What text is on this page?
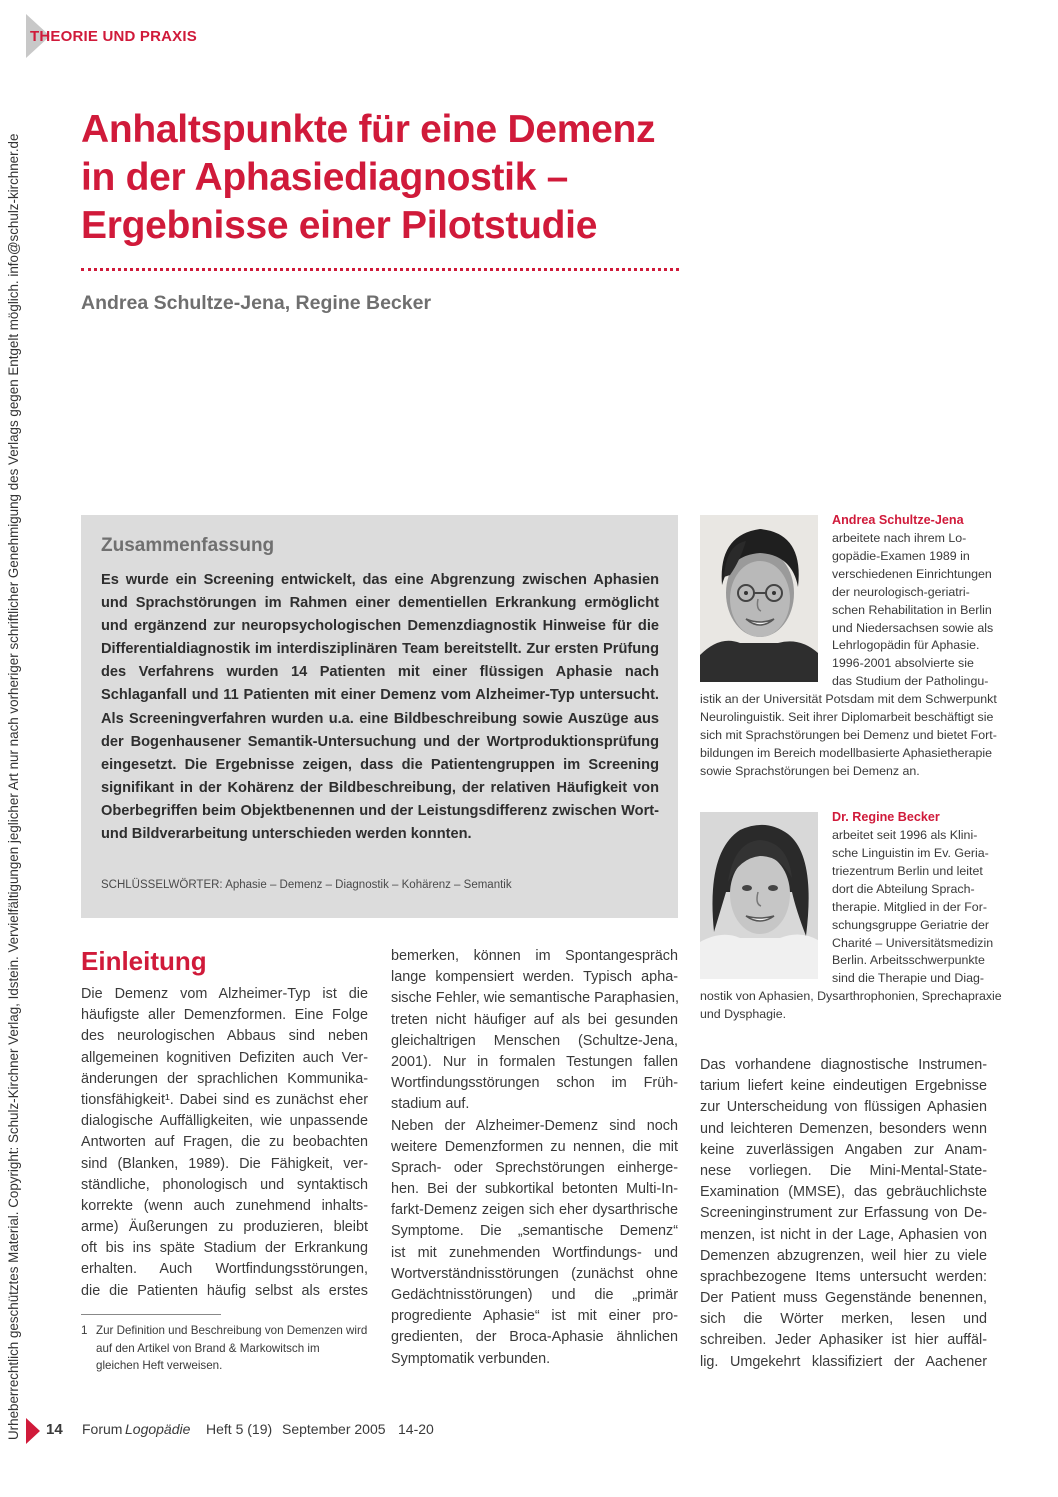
THEORIE UND PRAXIS
Urheberrechtlich geschütztes Material. Copyright: Schulz-Kirchner Verlag, Idstein. Vervielfältigungen jeglicher Art nur nach vorheriger schriftlicher Genehmigung des Verlags gegen Entgelt möglich. info@schulz-kirchner.de
Anhaltspunkte für eine Demenz
in der Aphasiediagnostik –
Ergebnisse einer Pilotstudie
Andrea Schultze-Jena, Regine Becker
Zusammenfassung
Es wurde ein Screening entwickelt, das eine Abgrenzung zwischen Aphasien und Sprachstörungen im Rahmen einer dementiellen Erkrankung ermöglicht und ergänzend zur neuropsychologischen Demenzdiagnostik Hinweise für die Differentialdiagnostik im interdisziplinären Team bereitstellt. Zur ersten Prüfung des Verfahrens wurden 14 Patienten mit einer flüssigen Aphasie nach Schlaganfall und 11 Patienten mit einer Demenz vom Alzheimer-Typ untersucht. Als Screeningverfahren wurden u.a. eine Bildbeschreibung sowie Auszüge aus der Bogenhausener Semantik-Untersuchung und der Wortproduktionsprüfung eingesetzt. Die Ergebnisse zeigen, dass die Patientengruppen im Screening signifikant in der Kohärenz der Bildbeschreibung, der relativen Häufigkeit von Oberbegriffen beim Objektbenennen und der Leistungsdifferenz zwischen Wort- und Bildverarbeitung unterschieden werden konnten.
SCHLÜSSELWÖRTER: Aphasie – Demenz – Diagnostik – Kohärenz – Semantik
Andrea Schultze-Jena
arbeitete nach ihrem Lo-
gopädie-Examen 1989 in
verschiedenen Einrichtungen
der neurologisch-geriatri-
schen Rehabilitation in Berlin
und Niedersachsen sowie als
Lehrlogopädin für Aphasie.
1996-2001 absolvierte sie
das Studium der Patholingu-
istik an der Universität Potsdam mit dem Schwerpunkt
Neurolinguistik. Seit ihrer Diplomarbeit beschäftigt sie
sich mit Sprachstörungen bei Demenz und bietet Fort-
bildungen im Bereich modellbasierte Aphasietherapie
sowie Sprachstörungen bei Demenz an.
Dr. Regine Becker
arbeitet seit 1996 als Klini-
sche Linguistin im Ev. Geria-
triezentrum Berlin und leitet
dort die Abteilung Sprach-
therapie. Mitglied in der For-
schungsgruppe Geriatrie der
Charité – Universitätsmedizin
Berlin. Arbeitsschwerpunkte
sind die Therapie und Diag-
nostik von Aphasien, Dysarthrophonien, Sprechapraxie
und Dysphagie.
Einleitung
Die Demenz vom Alzheimer-Typ ist die
häufigste aller Demenzformen. Eine Folge
des neurologischen Abbaus sind neben
allgemeinen kognitiven Defiziten auch Ver-
änderungen der sprachlichen Kommunika-
tionsfähigkeit¹. Dabei sind es zunächst eher
dialogische Auffälligkeiten, wie unpassende
Antworten auf Fragen, die zu beobachten
sind (Blanken, 1989). Die Fähigkeit, ver-
ständliche, phonologisch und syntaktisch
korrekte (wenn auch zunehmend inhalts-
arme) Äußerungen zu produzieren, bleibt
oft bis ins späte Stadium der Erkrankung
erhalten. Auch Wortfindungsstörungen,
die die Patienten häufig selbst als erstes
1 Zur Definition und Beschreibung von Demenzen wird
auf den Artikel von Brand & Markowitsch im
gleichen Heft verweisen.
bemerken, können im Spontangespräch
lange kompensiert werden. Typisch apha-
sische Fehler, wie semantische Paraphasien,
treten nicht häufiger auf als bei gesunden
gleichaltrigen Menschen (Schultze-Jena,
2001). Nur in formalen Testungen fallen
Wortfindungsstörungen schon im Früh-
stadium auf.
Neben der Alzheimer-Demenz sind noch
weitere Demenzformen zu nennen, die mit
Sprach- oder Sprechstörungen einherge-
hen. Bei der subkortikal betonten Multi-In-
farkt-Demenz zeigen sich eher dysarthrische
Symptome. Die „semantische Demenz“
ist mit zunehmenden Wortfindungs- und
Wortverständnisstörungen (zunächst ohne
Gedächtnisstörungen) und die „primär
progrediente Aphasie“ ist mit einer pro-
gredienten, der Broca-Aphasie ähnlichen
Symptomatik verbunden.
Das vorhandene diagnostische Instrumen-
tarium liefert keine eindeutigen Ergebnisse
zur Unterscheidung von flüssigen Aphasien
und leichteren Demenzen, besonders wenn
keine zuverlässigen Angaben zur Anam-
nese vorliegen. Die Mini-Mental-State-
Examination (MMSE), das gebräuchlichste
Screeninginstrument zur Erfassung von De-
menzen, ist nicht in der Lage, Aphasien von
Demenzen abzugrenzen, weil hier zu viele
sprachbezogene Items untersucht werden:
Der Patient muss Gegenstände benennen,
sich die Wörter merken, lesen und
schreiben. Jeder Aphasiker ist hier auffäl-
lig. Umgekehrt klassifiziert der Aachener
14 Forum Logopädie Heft 5 (19) September 2005 14-20
